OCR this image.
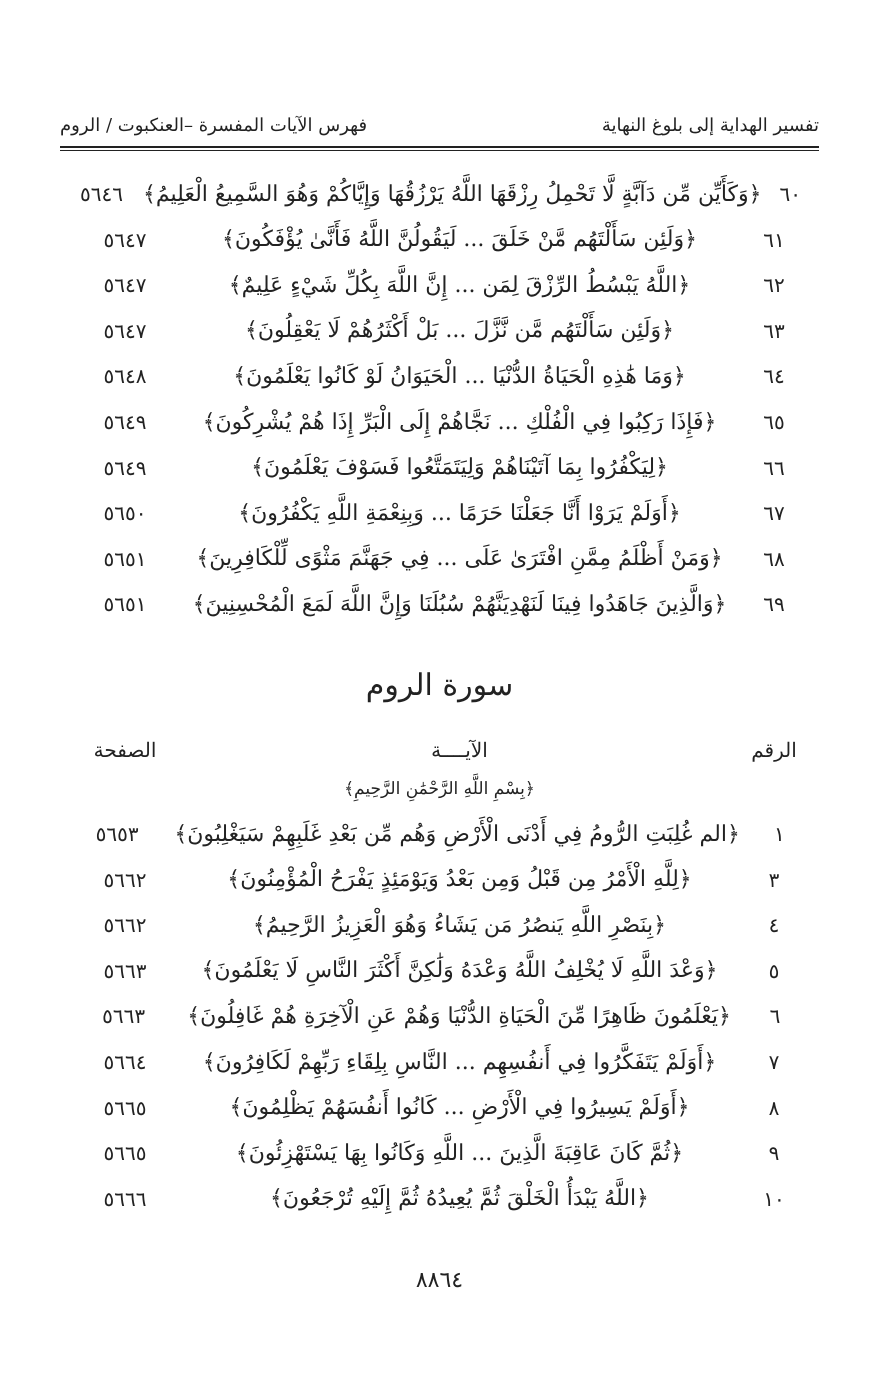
تفسير الهداية إلى بلوغ النهاية
فهرس الآيات المفسرة –العنكبوت / الروم
٦٠
﴿وَكَأَيِّن مِّن دَآبَّةٍ لَّا تَحْمِلُ رِزْقَهَا اللَّهُ يَرْزُقُهَا وَإِيَّاكُمْ وَهُوَ السَّمِيعُ الْعَلِيمُ﴾
٥٦٤٦
٦١
﴿وَلَئِن سَأَلْتَهُم مَّنْ خَلَقَ ... لَيَقُولُنَّ اللَّهُ فَأَنَّىٰ يُؤْفَكُونَ﴾
٥٦٤٧
٦٢
﴿اللَّهُ يَبْسُطُ الرِّزْقَ لِمَن ... إِنَّ اللَّهَ بِكُلِّ شَيْءٍ عَلِيمٌ﴾
٥٦٤٧
٦٣
﴿وَلَئِن سَأَلْتَهُم مَّن نَّزَّلَ ... بَلْ أَكْثَرُهُمْ لَا يَعْقِلُونَ﴾
٥٦٤٧
٦٤
﴿وَمَا هَٰذِهِ الْحَيَاةُ الدُّنْيَا ... الْحَيَوَانُ لَوْ كَانُوا يَعْلَمُونَ﴾
٥٦٤٨
٦٥
﴿فَإِذَا رَكِبُوا فِي الْفُلْكِ ... نَجَّاهُمْ إِلَى الْبَرِّ إِذَا هُمْ يُشْرِكُونَ﴾
٥٦٤٩
٦٦
﴿لِيَكْفُرُوا بِمَا آتَيْنَاهُمْ وَلِيَتَمَتَّعُوا فَسَوْفَ يَعْلَمُونَ﴾
٥٦٤٩
٦٧
﴿أَوَلَمْ يَرَوْا أَنَّا جَعَلْنَا حَرَمًا ... وَبِنِعْمَةِ اللَّهِ يَكْفُرُونَ﴾
٥٦٥٠
٦٨
﴿وَمَنْ أَظْلَمُ مِمَّنِ افْتَرَىٰ عَلَى ... فِي جَهَنَّمَ مَثْوًى لِّلْكَافِرِينَ﴾
٥٦٥١
٦٩
﴿وَالَّذِينَ جَاهَدُوا فِينَا لَنَهْدِيَنَّهُمْ سُبُلَنَا وَإِنَّ اللَّهَ لَمَعَ الْمُحْسِنِينَ﴾
٥٦٥١
سورة الروم
الرقم
الآيــــة
الصفحة
﴿بِسْمِ اللَّهِ الرَّحْمَٰنِ الرَّحِيمِ﴾
١
﴿الم غُلِبَتِ الرُّومُ فِي أَدْنَى الْأَرْضِ وَهُم مِّن بَعْدِ غَلَبِهِمْ سَيَغْلِبُونَ﴾
٥٦٥٣
٣
﴿لِلَّهِ الْأَمْرُ مِن قَبْلُ وَمِن بَعْدُ وَيَوْمَئِذٍ يَفْرَحُ الْمُؤْمِنُونَ﴾
٥٦٦٢
٤
﴿بِنَصْرِ اللَّهِ يَنصُرُ مَن يَشَاءُ وَهُوَ الْعَزِيزُ الرَّحِيمُ﴾
٥٦٦٢
٥
﴿وَعْدَ اللَّهِ لَا يُخْلِفُ اللَّهُ وَعْدَهُ وَلَٰكِنَّ أَكْثَرَ النَّاسِ لَا يَعْلَمُونَ﴾
٥٦٦٣
٦
﴿يَعْلَمُونَ ظَاهِرًا مِّنَ الْحَيَاةِ الدُّنْيَا وَهُمْ عَنِ الْآخِرَةِ هُمْ غَافِلُونَ﴾
٥٦٦٣
٧
﴿أَوَلَمْ يَتَفَكَّرُوا فِي أَنفُسِهِم ... النَّاسِ بِلِقَاءِ رَبِّهِمْ لَكَافِرُونَ﴾
٥٦٦٤
٨
﴿أَوَلَمْ يَسِيرُوا فِي الْأَرْضِ ... كَانُوا أَنفُسَهُمْ يَظْلِمُونَ﴾
٥٦٦٥
٩
﴿ثُمَّ كَانَ عَاقِبَةَ الَّذِينَ ... اللَّهِ وَكَانُوا بِهَا يَسْتَهْزِئُونَ﴾
٥٦٦٥
١٠
﴿اللَّهُ يَبْدَأُ الْخَلْقَ ثُمَّ يُعِيدُهُ ثُمَّ إِلَيْهِ تُرْجَعُونَ﴾
٥٦٦٦
٨٨٦٤
